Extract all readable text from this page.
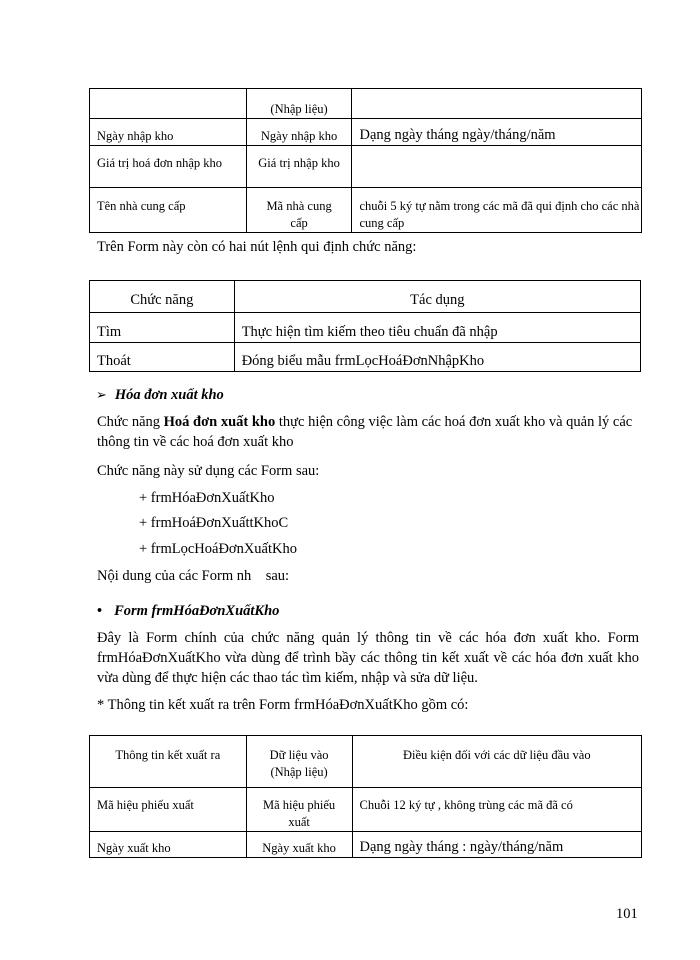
	(Nhập liệu)	
Ngày nhập kho	Ngày nhập kho	Dạng ngày tháng ngày/tháng/năm
Giá trị hoá đơn nhập kho	Giá trị nhập kho	
Tên nhà cung cấp	Mã nhà cung cấp	chuỗi 5 ký tự nằm trong các mã đã qui định cho các nhà cung cấp

Trên Form này còn có hai nút lệnh qui định chức năng:

Chức năng	Tác dụng
Tìm	Thực hiện tìm kiếm theo tiêu chuẩn đã nhập
Thoát	Đóng biểu mẫu frmLọcHoáĐơnNhậpKho
➢ Hóa đơn xuất kho

Chức năng Hoá đơn xuất kho thực hiện công việc làm các hoá đơn xuất kho và quản lý các thông tin về các hoá đơn xuất kho

Chức năng này sử dụng các Form sau:

+ frmHóaĐơnXuấtKho

+ frmHoáĐơnXuấttKhoC

+ frmLọcHoáĐơnXuấtKho

Nội dung của các Form nh    sau:

• Form frmHóaĐơnXuấtKho

Đây là Form chính của chức năng quản lý thông tin về các hóa đơn xuất kho. Form frmHóaĐơnXuấtKho vừa dùng để trình bầy các thông tin kết xuất về các hóa đơn xuất kho vừa dùng để thực hiện các thao tác tìm kiếm, nhập và sửa dữ liệu.

* Thông tin kết xuất ra trên Form frmHóaĐơnXuấtKho gồm có:

Thông tin kết xuất ra	Dữ liệu vào (Nhập liệu)	Điều kiện đối với các dữ liệu đầu vào
Mã hiệu phiếu xuất	Mã hiệu phiếu xuất	Chuỗi 12 ký tự , không trùng các mã đã có
Ngày xuất kho	Ngày xuất kho	Dạng ngày tháng : ngày/tháng/năm

101
